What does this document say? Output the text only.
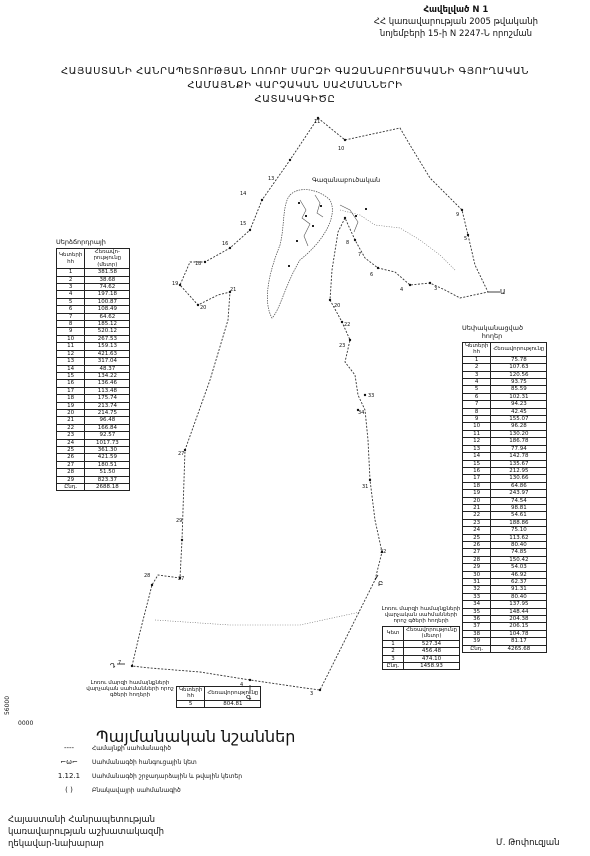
Հավելված N 1
ՀՀ կառավարության 2005 թվականի
նոյեմբերի 15-ի N 2247-Ն որոշման
ՀԱՅԱՍՏԱՆԻ ՀԱՆՐԱՊԵՏՈՒԹՅԱՆ ԼՈՌՈՒ ՄԱՐԶԻ ԳԱԶԱՆԱԲՈՒԾԱԿԱՆԻ ԳՅՈՒՂԱԿԱՆ
ՀԱՄԱՅՆՔԻ ՎԱՐՉԱԿԱՆ ՍԱՀՄԱՆՆԵՐԻ
ՀԱՏԱԿԱԳԻԾԸ
11
10
9
5
3
4
6
7
8
20
22
23
33
34
31
32
3
4
7
27
28
29
27
21
20
19
18
16
15
14
13
Ա
Բ
Գ
Դ
Գազանաբուծական
Սերձճորդրայի
Կետերի հհ	Հեռավո-րությունը (մետր)
1	381.58
2	38.68
3	74.62
4	197.18
5	100.87
6	108.49
7	64.62
8	185.12
9	520.12
10	267.53
11	159.13
12	421.63
13	317.04
14	48.37
15	134.22
16	136.46
17	113.48
18	175.74
19	213.74
20	214.75
21	96.48
22	166.84
23	92.57
24	1017.73
25	361.30
26	421.59
27	180.51
28	51.50
29	823.37
Ընդ.	2688.18
Սեփականացված հողեր
Կետերի հհ	Հեռավորությունը
1	75.78
2	107.63
3	120.56
4	93.75
5	85.59
6	102.31
7	94.23
8	42.45
9	155.07
10	96.28
11	130.20
12	186.78
13	77.94
14	142.78
15	135.67
16	212.95
17	130.66
18	64.86
19	243.97
20	74.54
21	98.81
22	54.61
23	188.86
24	75.10
25	113.62
26	80.40
27	74.85
28	150.42
29	54.03
30	46.92
31	62.37
32	91.31
33	80.40
34	137.95
35	148.44
36	204.38
37	206.15
38	104.78
39	81.17
Ընդ.	4265.68
Լոռու մարզի համայնքների վարչական սահմանների որոշ գծերի հողերի
Կետ	Հեռավորությունը (մետր)
1	527.34
2	456.48
3	474.10
Ընդ.	1458.93
Լոռու մարզի համայնքների վարչական սահմանների որոշ գծերի հողերի
Կետերի հհ	Հեռավորությունը
5	804.81
56000
0000
Պայմանական նշաններ
----	Համայնքի սահմանագիծ
⌐ω⌐	Սահմանագծի հանգուցային կետ
1.12.1	Սահմանագծի շրջադարձային և թվային կետեր
( )	Բնակավայրի սահմանագիծ
Հայաստանի Հանրապետության
կառավարության աշխատակազմի
ղեկավար-նախարար	Մ. Թոփուզյան
